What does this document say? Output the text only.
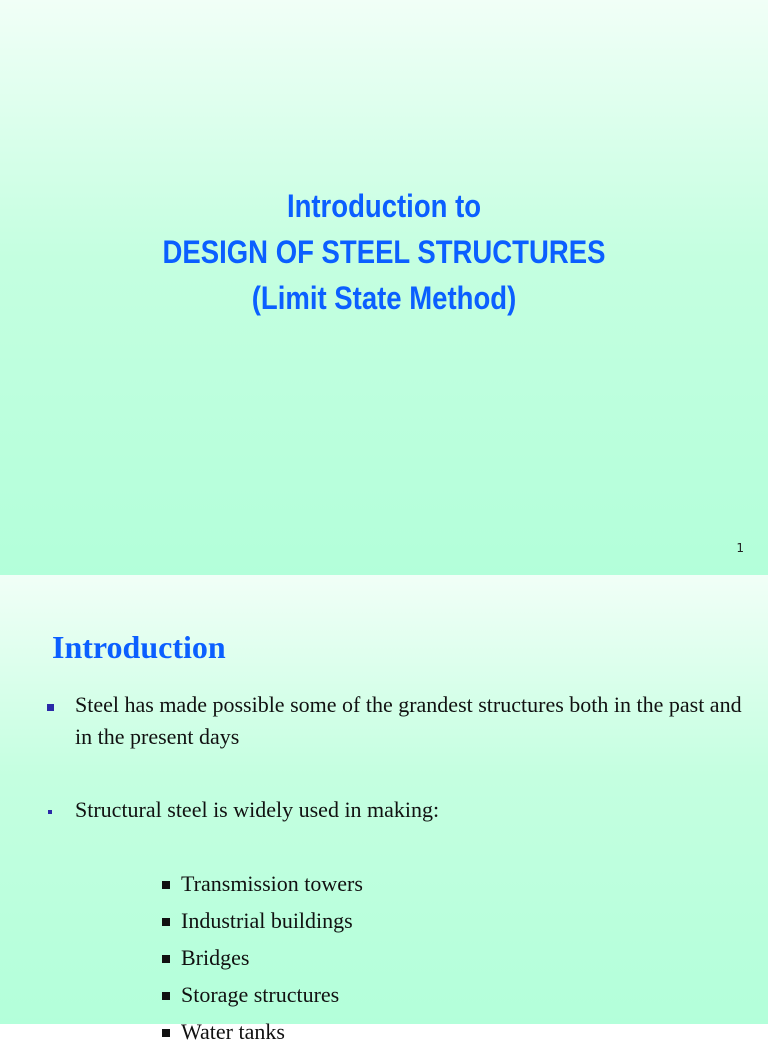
Introduction to
DESIGN OF STEEL STRUCTURES
(Limit State Method)
1
Introduction
Steel has made possible some of the grandest structures both in the past and in the present days
Structural steel is widely used in making:
Transmission towers
Industrial buildings
Bridges
Storage structures
Water tanks
